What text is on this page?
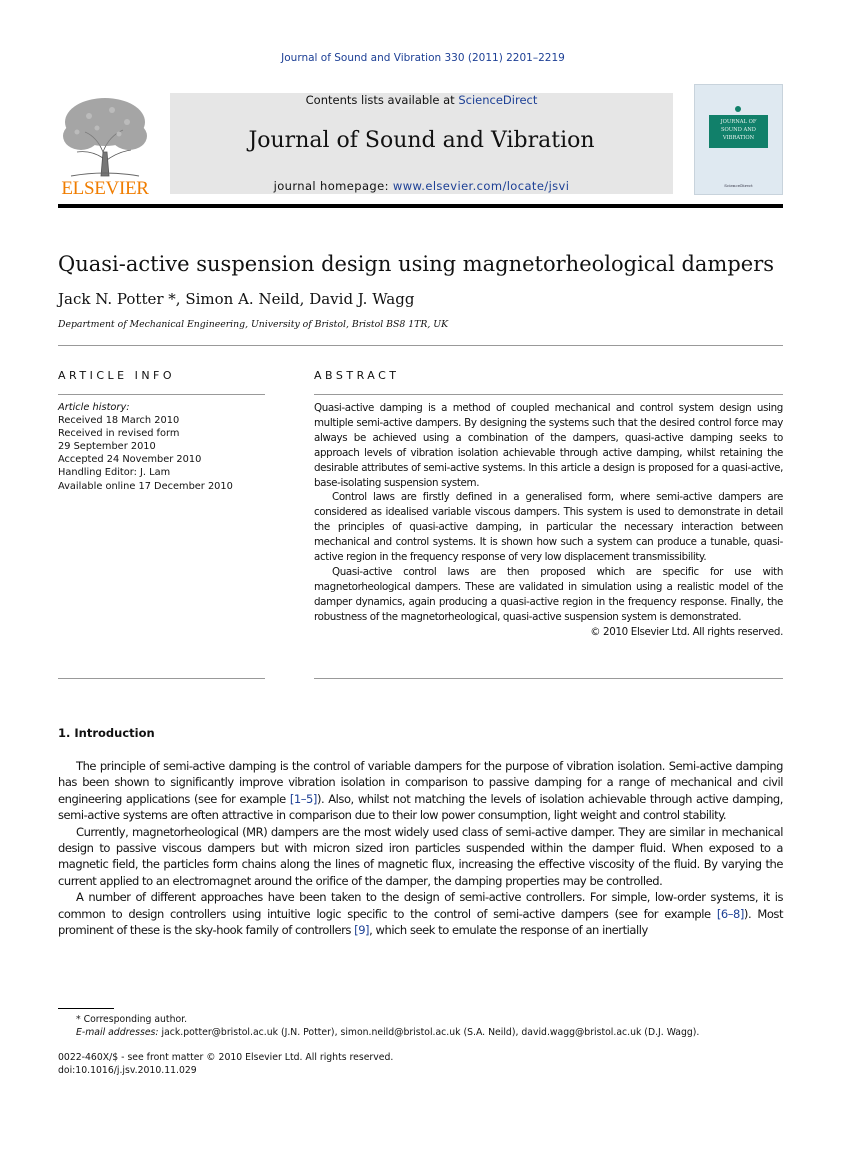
Journal of Sound and Vibration 330 (2011) 2201–2219
ELSEVIER
Contents lists available at ScienceDirect
Journal of Sound and Vibration
journal homepage: www.elsevier.com/locate/jsvi
JOURNAL OF
SOUND AND
VIBRATION
ScienceDirect
Quasi-active suspension design using magnetorheological dampers
Jack N. Potter *, Simon A. Neild, David J. Wagg
Department of Mechanical Engineering, University of Bristol, Bristol BS8 1TR, UK
ARTICLE INFO	ABSTRACT
Article history:
Received 18 March 2010
Received in revised form
29 September 2010
Accepted 24 November 2010
Handling Editor: J. Lam
Available online 17 December 2010

Quasi-active damping is a method of coupled mechanical and control system design using multiple semi-active dampers. By designing the systems such that the desired control force may always be achieved using a combination of the dampers, quasi-active damping seeks to approach levels of vibration isolation achievable through active damping, whilst retaining the desirable attributes of semi-active systems. In this article a design is proposed for a quasi-active, base-isolating suspension system.

Control laws are firstly defined in a generalised form, where semi-active dampers are considered as idealised variable viscous dampers. This system is used to demonstrate in detail the principles of quasi-active damping, in particular the necessary interaction between mechanical and control systems. It is shown how such a system can produce a tunable, quasi-active region in the frequency response of very low displacement transmissibility.

Quasi-active control laws are then proposed which are specific for use with magnetorheological dampers. These are validated in simulation using a realistic model of the damper dynamics, again producing a quasi-active region in the frequency response. Finally, the robustness of the magnetorheological, quasi-active suspension system is demonstrated.

© 2010 Elsevier Ltd. All rights reserved.

1. Introduction

The principle of semi-active damping is the control of variable dampers for the purpose of vibration isolation. Semi-active damping has been shown to significantly improve vibration isolation in comparison to passive damping for a range of mechanical and civil engineering applications (see for example [1–5]). Also, whilst not matching the levels of isolation achievable through active damping, semi-active systems are often attractive in comparison due to their low power consumption, light weight and control stability.

Currently, magnetorheological (MR) dampers are the most widely used class of semi-active damper. They are similar in mechanical design to passive viscous dampers but with micron sized iron particles suspended within the damper fluid. When exposed to a magnetic field, the particles form chains along the lines of magnetic flux, increasing the effective viscosity of the fluid. By varying the current applied to an electromagnet around the orifice of the damper, the damping properties may be controlled.

A number of different approaches have been taken to the design of semi-active controllers. For simple, low-order systems, it is common to design controllers using intuitive logic specific to the control of semi-active dampers (see for example [6–8]). Most prominent of these is the sky-hook family of controllers [9], which seek to emulate the response of an inertially

* Corresponding author.
E-mail addresses: jack.potter@bristol.ac.uk (J.N. Potter), simon.neild@bristol.ac.uk (S.A. Neild), david.wagg@bristol.ac.uk (D.J. Wagg).
0022-460X/$ - see front matter © 2010 Elsevier Ltd. All rights reserved.
doi:10.1016/j.jsv.2010.11.029
